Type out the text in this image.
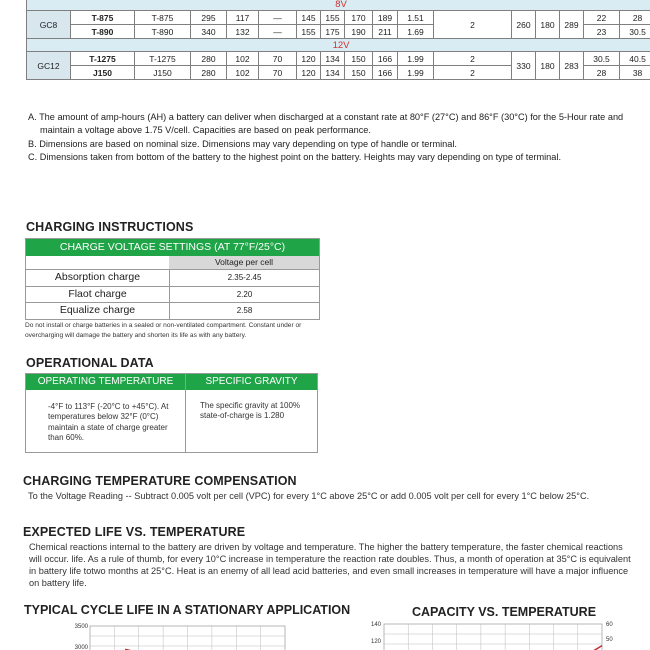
8V																
GC8	T-875	T-875	295	117	—	145	155	170	189	1.51	2	260	180	289	22	28
	T-890	T-890	340	132	—	155	175	190	211	1.69					23	30.5
12V																
GC12	T-1275	T-1275	280	102	70	120	134	150	166	1.99	2	330	180	283	30.5	40.5
	J150	J150	280	102	70	120	134	150	166	1.99	2				28	38
A. The amount of amp-hours (AH) a battery can deliver when discharged at a constant rate at 80°F (27°C) and 86°F (30°C) for the 5-Hour rate and maintain a voltage above 1.75 V/cell. Capacities are based on peak performance.
B. Dimensions are based on nominal size. Dimensions may vary depending on type of handle or terminal.
C. Dimensions taken from bottom of the battery to the highest point on the battery. Heights may vary depending on type of terminal.
CHARGING INSTRUCTIONS
CHARGE VOLTAGE SETTINGS (AT 77°F/25°C)
Voltage per cell
Absorption charge	2.35-2.45
Flaot charge	2.20
Equalize charge	2.58
Do not install or charge batteries in a sealed or non-ventilated compartment. Constant under or overcharging will damage the battery and shorten its life as with any battery.
OPERATIONAL DATA
OPERATING TEMPERATURE
-4°F to 113°F (-20°C to +45°C). At temperatures below 32°F (0°C) maintain a state of charge greater than 60%.
SPECIFIC GRAVITY
The specific gravity at 100% state-of-charge is 1.280
CHARGING TEMPERATURE COMPENSATION
To the Voltage Reading -- Subtract 0.005 volt per cell (VPC) for every 1°C above 25°C or add 0.005 volt per cell for every 1°C below 25°C.
EXPECTED LIFE VS. TEMPERATURE
Chemical reactions internal to the battery are driven by voltage and temperature. The higher the battery temperature, the faster chemical reactions will occur. life. As a rule of thumb, for every 10°C increase in temperature the reaction rate doubles. Thus, a month of operation at 35°C is equivalent in battery life totwo months at 25°C. Heat is an enemy of all lead acid batteries, and even small increases in temperature will have a major influence on battery life.
TYPICAL CYCLE LIFE IN A STATIONARY APPLICATION
3500
3000
CAPACITY VS. TEMPERATURE
140
120
60
50
